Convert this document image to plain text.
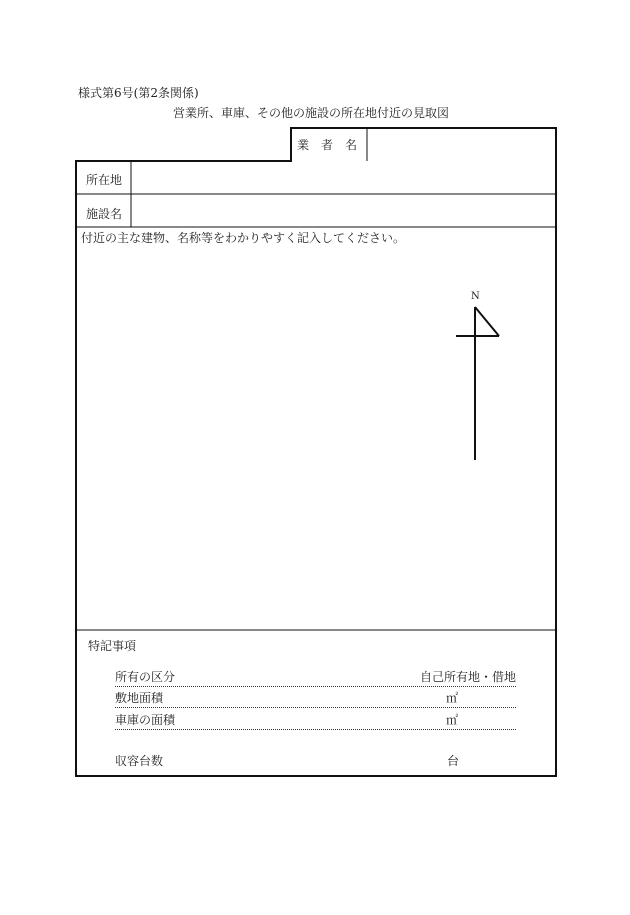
様式第6号(第2条関係)
営業所、車庫、その他の施設の所在地付近の見取図
業　者　名
所在地
施設名
付近の主な建物、名称等をわかりやすく記入してください。
N
特記事項
所有の区分	自己所有地・借地
敷地面積	㎡
車庫の面積	㎡
収容台数	台
